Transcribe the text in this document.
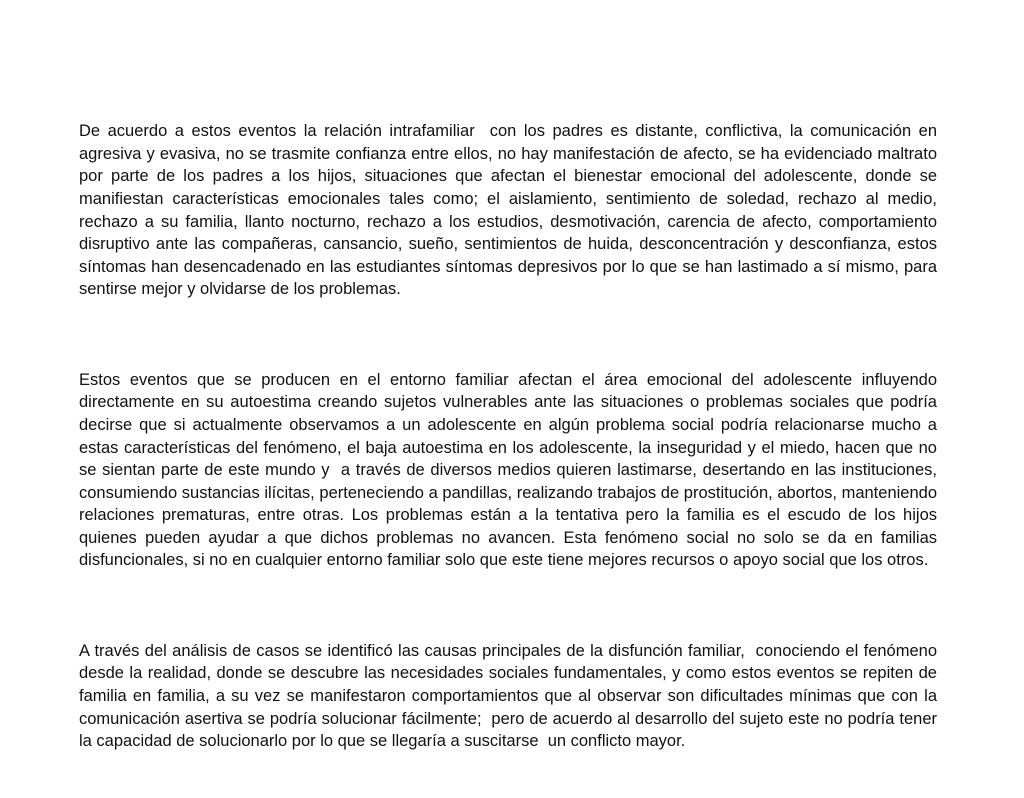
De acuerdo a estos eventos la relación intrafamiliar  con los padres es distante, conflictiva, la comunicación en agresiva y evasiva, no se trasmite confianza entre ellos, no hay manifestación de afecto, se ha evidenciado maltrato por parte de los padres a los hijos, situaciones que afectan el bienestar emocional del adolescente, donde se manifiestan características emocionales tales como; el aislamiento, sentimiento de soledad, rechazo al medio, rechazo a su familia, llanto nocturno, rechazo a los estudios, desmotivación, carencia de afecto, comportamiento disruptivo ante las compañeras, cansancio, sueño, sentimientos de huida, desconcentración y desconfianza, estos síntomas han desencadenado en las estudiantes síntomas depresivos por lo que se han lastimado a sí mismo, para sentirse mejor y olvidarse de los problemas.

Estos eventos que se producen en el entorno familiar afectan el área emocional del adolescente influyendo directamente en su autoestima creando sujetos vulnerables ante las situaciones o problemas sociales que podría decirse que si actualmente observamos a un adolescente en algún problema social podría relacionarse mucho a estas características del fenómeno, el baja autoestima en los adolescente, la inseguridad y el miedo, hacen que no se sientan parte de este mundo y  a través de diversos medios quieren lastimarse, desertando en las instituciones, consumiendo sustancias ilícitas, perteneciendo a pandillas, realizando trabajos de prostitución, abortos, manteniendo relaciones prematuras, entre otras. Los problemas están a la tentativa pero la familia es el escudo de los hijos quienes pueden ayudar a que dichos problemas no avancen. Esta fenómeno social no solo se da en familias disfuncionales, si no en cualquier entorno familiar solo que este tiene mejores recursos o apoyo social que los otros.

A través del análisis de casos se identificó las causas principales de la disfunción familiar,  conociendo el fenómeno desde la realidad, donde se descubre las necesidades sociales fundamentales, y como estos eventos se repiten de familia en familia, a su vez se manifestaron comportamientos que al observar son dificultades mínimas que con la comunicación asertiva se podría solucionar fácilmente;  pero de acuerdo al desarrollo del sujeto este no podría tener la capacidad de solucionarlo por lo que se llegaría a suscitarse  un conflicto mayor.
